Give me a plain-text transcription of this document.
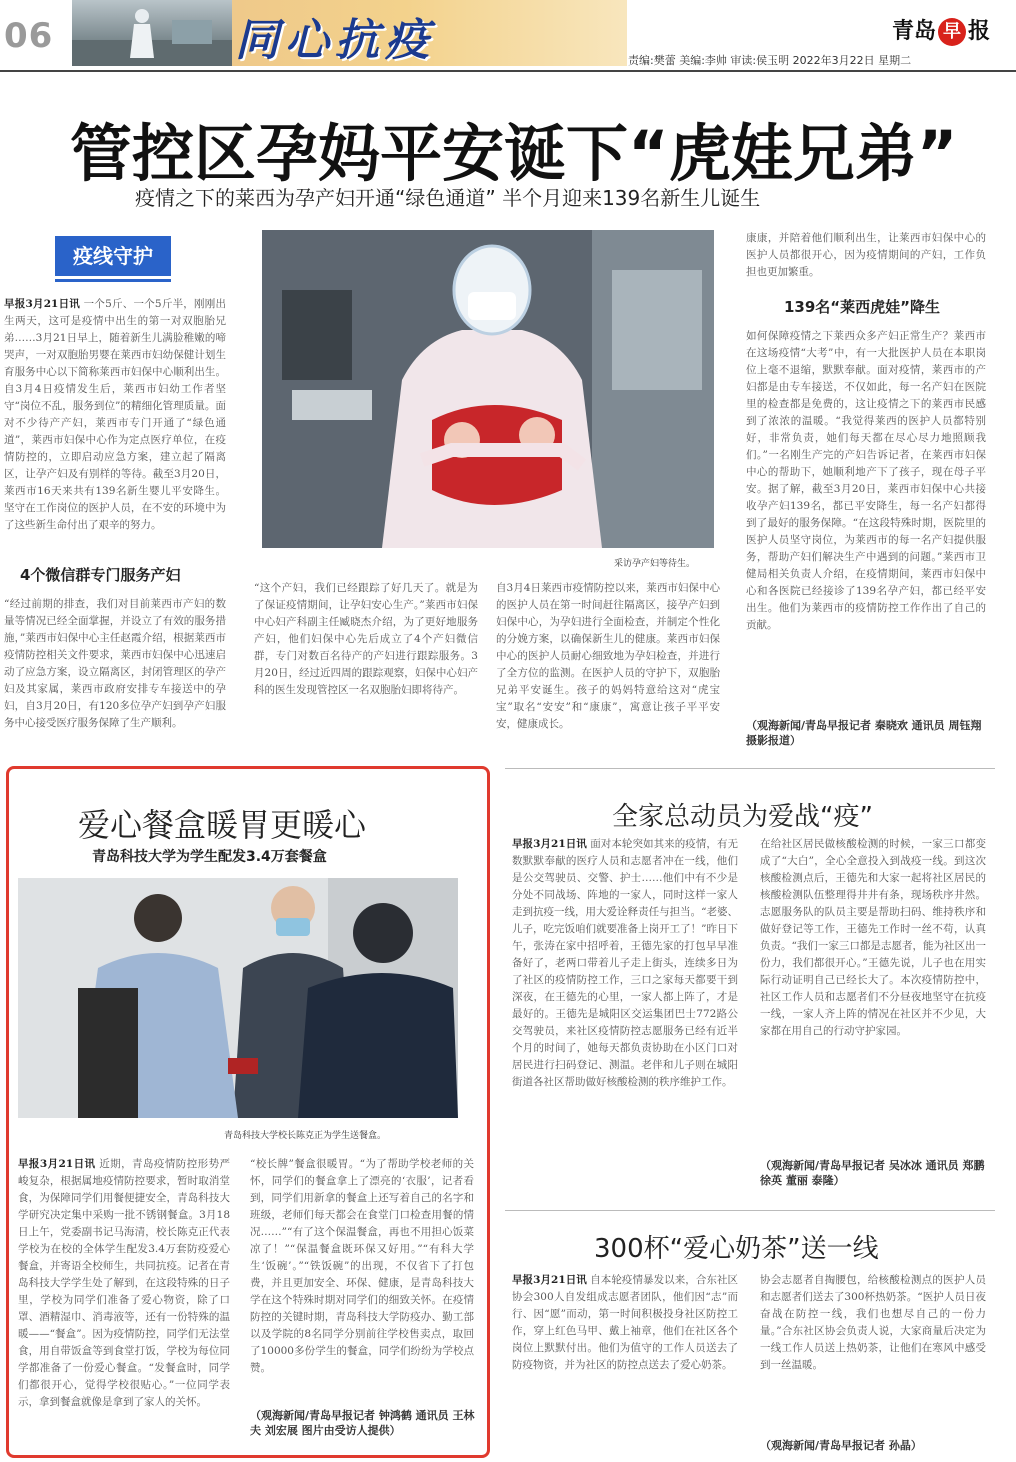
06	同心抗疫	青岛 早 报
责编:樊蕾 美编:李帅 审读:侯玉明 2022年3月22日 星期二
管控区孕妈平安诞下“虎娃兄弟”
疫情之下的莱西为孕产妇开通“绿色通道” 半个月迎来139名新生儿诞生
疫线守护
早报3月21日讯 一个5斤、一个5斤半，刚刚出生两天，这可是疫情中出生的第一对双胞胎兄弟……3月21日早上，随着新生儿满脸稚嫩的啼哭声，一对双胞胎男婴在莱西市妇幼保健计划生育服务中心以下简称莱西市妇保中心顺利出生。自3月4日疫情发生后，莱西市妇幼工作者坚守“岗位不乱，服务到位”的精细化管理质量。面对不少待产产妇，莱西市专门开通了“绿色通道”，莱西市妇保中心作为定点医疗单位，在疫情防控的，立即启动应急方案，建立起了隔离区，让孕产妇及有别样的等待。截至3月20日，莱西市16天来共有139名新生婴儿平安降生。坚守在工作岗位的医护人员，在不安的环境中为了这些新生命付出了艰辛的努力。
4个微信群专门服务产妇
“经过前期的排查，我们对目前莱西市产妇的数量等情况已经全面掌握，并设立了有效的服务措施，”莱西市妇保中心主任赵霞介绍，根据莱西市疫情防控相关文件要求，莱西市妇保中心迅速启动了应急方案，设立隔离区，封闭管理区的孕产妇及其家属，莱西市政府安排专车接送中的孕妇，自3月20日，有120多位孕产妇到孕产妇服务中心接受医疗服务保障了生产顺利。
采访孕产妇等待生。
“这个产妇，我们已经跟踪了好几天了。就是为了保证疫情期间，让孕妇安心生产。”莱西市妇保中心妇产科副主任臧晓杰介绍，为了更好地服务产妇，他们妇保中心先后成立了4个产妇微信群，专门对数百名待产的产妇进行跟踪服务。3月20日，经过近四周的跟踪观察，妇保中心妇产科的医生发现管控区一名双胞胎妇即将待产。
自3月4日莱西市疫情防控以来，莱西市妇保中心的医护人员在第一时间赶往隔离区，接孕产妇到妇保中心，为孕妇进行全面检查，并制定个性化的分娩方案，以确保新生儿的健康。莱西市妇保中心的医护人员耐心细致地为孕妇检查，并进行了全方位的监测。在医护人员的守护下，双胞胎兄弟平安诞生。孩子的妈妈特意给这对“虎宝宝”取名“安安”和“康康”，寓意让孩子平平安安，健康成长。
康康，并陪着他们顺利出生，让莱西市妇保中心的医护人员都很开心，因为疫情期间的产妇，工作负担也更加繁重。
139名“莱西虎娃”降生
如何保障疫情之下莱西众多产妇正常生产？莱西市在这场疫情“大考”中，有一大批医护人员在本职岗位上毫不退缩，默默奉献。面对疫情，莱西市的产妇都是由专车接送，不仅如此，每一名产妇在医院里的检查都是免费的，这让疫情之下的莱西市民感到了浓浓的温暖。“我觉得莱西的医护人员都特别好，非常负责，她们每天都在尽心尽力地照顾我们。”一名刚生产完的产妇告诉记者，在莱西市妇保中心的帮助下，她顺利地产下了孩子，现在母子平安。据了解，截至3月20日，莱西市妇保中心共接收孕产妇139名，都已平安降生，每一名产妇都得到了最好的服务保障。“在这段特殊时期，医院里的医护人员坚守岗位，为莱西市的每一名产妇提供服务，帮助产妇们解决生产中遇到的问题。”莱西市卫健局相关负责人介绍，在疫情期间，莱西市妇保中心和各医院已经接诊了139名孕产妇，都已经平安出生。他们为莱西市的疫情防控工作作出了自己的贡献。
（观海新闻/青岛早报记者 秦晓欢 通讯员 周钰翔 摄影报道）
爱心餐盒暖胃更暖心
青岛科技大学为学生配发3.4万套餐盒
青岛科技大学校长陈克正为学生送餐盒。
早报3月21日讯 近期，青岛疫情防控形势严峻复杂，根据属地疫情防控要求，暂时取消堂食，为保障同学们用餐便捷安全，青岛科技大学研究决定集中采购一批不锈钢餐盒。3月18日上午，党委副书记马海清，校长陈克正代表学校为在校的全体学生配发3.4万套防疫爱心餐盒，并寄语全校师生，共同抗疫。记者在青岛科技大学学生处了解到，在这段特殊的日子里，学校为同学们准备了爱心物资，除了口罩、酒精湿巾、消毒液等，还有一份特殊的温暖——“餐盒”。因为疫情防控，同学们无法堂食，用自带饭盒等到食堂打饭，学校为每位同学都准备了一份爱心餐盒。“发餐盒时，同学们都很开心，觉得学校很贴心。”一位同学表示，拿到餐盒就像是拿到了家人的关怀。
“校长牌”餐盒很暖胃。“为了帮助学校老师的关怀，同学们的餐盒拿上了漂亮的‘衣服’，记者看到，同学们用新拿的餐盒上还写着自己的名字和班级，老师们每天都会在食堂门口检查用餐的情况……”“有了这个保温餐盒，再也不用担心饭菜凉了！”“保温餐盒既环保又好用。”“有科大学生‘饭碗’。”“铁饭碗”的出现，不仅省下了打包费，并且更加安全、环保、健康，是青岛科技大学在这个特殊时期对同学们的细致关怀。在疫情防控的关键时期，青岛科技大学防疫办、勤工部以及学院的8名同学分别前往学校售卖点，取回了10000多份学生的餐盒，同学们纷纷为学校点赞。
（观海新闻/青岛早报记者 钟鸿鹤 通讯员 王林夫 刘宏展 图片由受访人提供）
全家总动员为爱战“疫”
早报3月21日讯 面对本轮突如其来的疫情，有无数默默奉献的医疗人员和志愿者冲在一线，他们是公交驾驶员、交警、护士……他们中有不少是分处不同战场、阵地的一家人，同时这样一家人走到抗疫一线，用大爱诠释责任与担当。“老婆、儿子，吃完饭咱们就要准备上岗开工了！”昨日下午，张涛在家中招呼着，王德先家的打包早早准备好了，老两口带着儿子走上街头，连续多日为了社区的疫情防控工作，三口之家每天都要干到深夜，在王德先的心里，一家人都上阵了，才是最好的。王德先是城阳区交运集团巴士772路公交驾驶员，来社区疫情防控志愿服务已经有近半个月的时间了，她每天都负责协助在小区门口对居民进行扫码登记、测温。老伴和儿子则在城阳街道各社区帮助做好核酸检测的秩序维护工作。
在给社区居民做核酸检测的时候，一家三口都变成了“大白”，全心全意投入到战疫一线。到这次核酸检测点后，王德先和大家一起将社区居民的核酸检测队伍整理得井井有条，现场秩序井然。志愿服务队的队员主要是帮助扫码、维持秩序和做好登记等工作，王德先工作时一丝不苟，认真负责。“我们一家三口都是志愿者，能为社区出一份力，我们都很开心。”王德先说，儿子也在用实际行动证明自己已经长大了。本次疫情防控中，社区工作人员和志愿者们不分昼夜地坚守在抗疫一线，一家人齐上阵的情况在社区并不少见，大家都在用自己的行动守护家园。
（观海新闻/青岛早报记者 吴冰冰 通讯员 郑鹏 徐英 董丽 泰隆）
300杯“爱心奶茶”送一线
早报3月21日讯 自本轮疫情暴发以来，合东社区协会300人自发组成志愿者团队，他们因“志”而行、因“愿”而动，第一时间积极投身社区防控工作，穿上红色马甲、戴上袖章，他们在社区各个岗位上默默付出。他们为值守的工作人员送去了防疫物资，并为社区的防控点送去了爱心奶茶。
协会志愿者自掏腰包，给核酸检测点的医护人员和志愿者们送去了300杯热奶茶。“医护人员日夜奋战在防控一线，我们也想尽自己的一份力量。”合东社区协会负责人说，大家商量后决定为一线工作人员送上热奶茶，让他们在寒风中感受到一丝温暖。
（观海新闻/青岛早报记者 孙晶）
